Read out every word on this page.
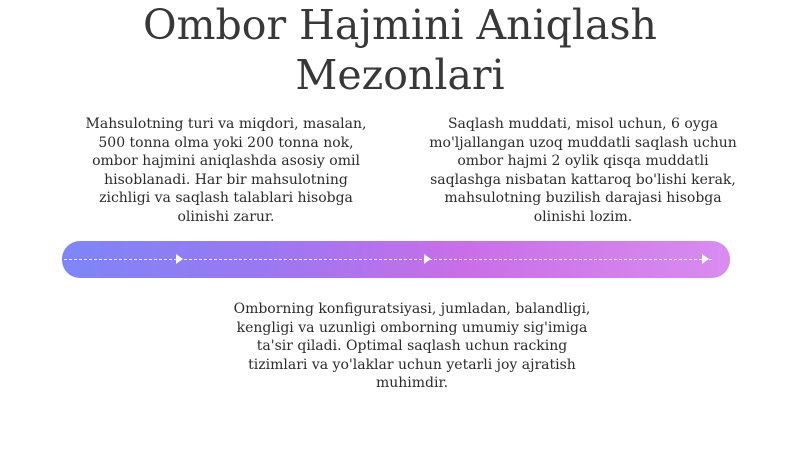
Ombor Hajmini Aniqlash
Mezonlari

Mahsulotning turi va miqdori, masalan, 500 tonna olma yoki 200 tonna nok, ombor hajmini aniqlashda asosiy omil hisoblanadi. Har bir mahsulotning zichligi va saqlash talablari hisobga olinishi zarur.

Saqlash muddati, misol uchun, 6 oyga mo'ljallangan uzoq muddatli saqlash uchun ombor hajmi 2 oylik qisqa muddatli saqlashga nisbatan kattaroq bo'lishi kerak, mahsulotning buzilish darajasi hisobga olinishi lozim.

Omborning konfiguratsiyasi, jumladan, balandligi, kengligi va uzunligi omborning umumiy sig'imiga ta'sir qiladi. Optimal saqlash uchun racking tizimlari va yo'laklar uchun yetarli joy ajratish muhimdir.
